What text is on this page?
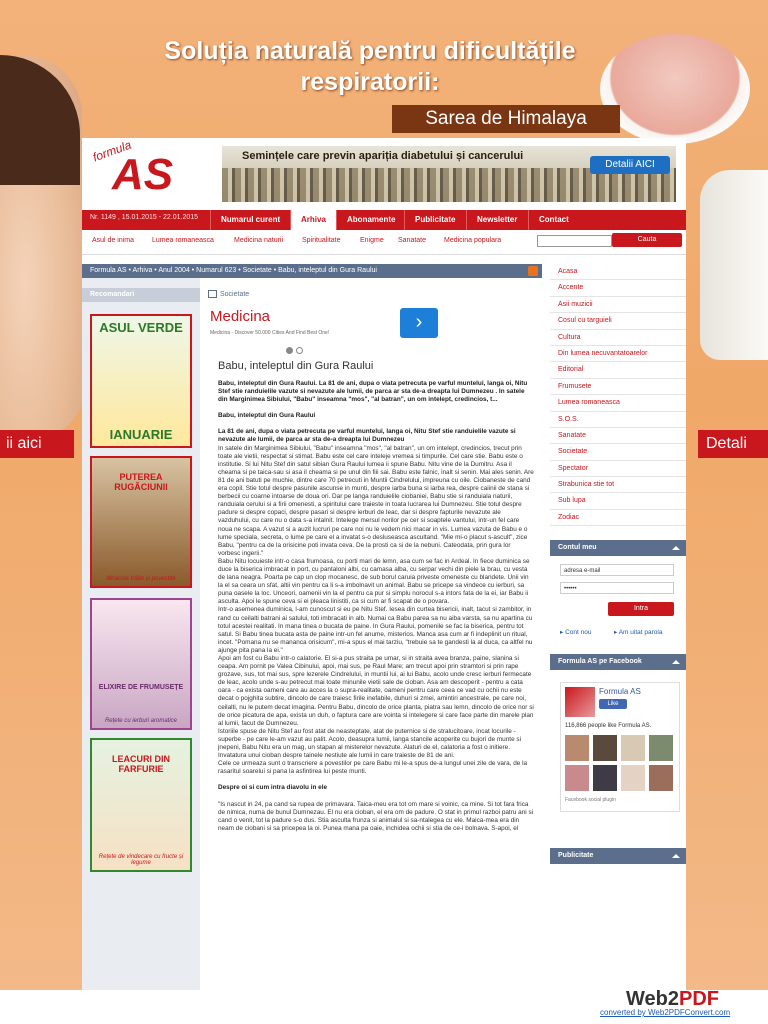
Soluția naturală pentru dificultățile respiratorii:
Sarea de Himalaya
ii aici	Detali
formula
AS	Semințele care previn apariția diabetului și cancerului
Detalii AICI
Nr. 1149 , 15.01.2015 - 22.01.2015	Numarul curent	Arhiva	Abonamente	Publicitate	Newsletter	Contact
Asul de inima	Lumea romaneasca	Medicina naturii	Spiritualitate	Enigme Sanatate	Medicina populara	Cauta
Formula AS • Arhiva • Anul 2004 • Numarul 623 • Societate • Babu, inteleptul din Gura Raului
Recomandari
ASUL VERDE
IANUARIE
PUTEREA RUGĂCIUNII
Miracole trăite și povestite
ELIXIRE DE FRUMUSEȚE
Rețete cu ierburi aromatice
LEACURI DIN FARFURIE
Rețete de vindecare cu fructe și legume
Societate
Medicina
Medicina - Discover 50.000 Cities And Find Best One!	›
Babu, inteleptul din Gura Raului

Babu, inteleptul din Gura Raului. La 81 de ani, dupa o viata petrecuta pe varful muntelui, langa oi, Nitu Stef stie randuielile vazute si nevazute ale lumii, de parca ar sta de-a dreapta lui Dumnezeu . In satele din Marginimea Sibiului, "Babu" inseamna "mos", "al batran", un om intelept, credincios, t...

Babu, inteleptul din Gura Raului

La 81 de ani, dupa o viata petrecuta pe varful muntelui, langa oi, Nitu Stef stie randuielile vazute si nevazute ale lumii, de parca ar sta de-a dreapta lui Dumnezeu

In satele din Marginimea Sibiului, "Babu" inseamna "mos", "al batran", un om intelept, credincios, trecut prin toate ale vietii, respectat si stimat. Babu este cel care inteleje vremea si timpurile. Cel care stie. Babu este o institutie. Si lui Nitu Stef din satul sibian Gura Raului lumea ii spune Babu. Nitu vine de la Dumitru. Asa il cheama si pe taica-sau si asa il cheama si pe unul din fiii sai. Babu este falnic, inalt si senin. Mai ales senin. Are 81 de ani batuti pe muchie, dintre care 70 petrecuti in Muntii Cindrelului, impreuna cu oile. Ciobaneste de cand era copil. Stie totul despre pasunile ascunse in munti, despre iarba buna si iarba rea, despre caiinii de stana si berbecii cu coarne intoarse de doua ori. Dar pe langa randuielile ciobaniei, Babu stie si randuiala naturii, randuiala cerului si a firii omenesti, a spiritului care traieste in toata lucrarea lui Dumnezeu. Stie totul despre padure si despre copaci, despre pasari si despre ierburi de leac, dar si despre fapturile nevazute ale vazduhului, cu care nu o data s-a intalnit. Intelege mersul norilor pe cer si soaptele vantului, intr-un fel care noua ne scapa. A vazut si a auzit lucruri pe care noi nu le vedem nici macar in vis. Lumea vazuta de Babu e o lume speciala, secreta, o lume pe care el a invatat s-o desluseasca ascultand. "Mie mi-o placut s-ascult", zice Babu, "pentru ca de la orisicine poti invata ceva. De la prosti ca si de la nebuni. Cateodata, prin gura lor vorbesc ingerii."

Babu Nitu locuieste intr-o casa frumoasa, cu porti mari de lemn, asa cum se fac in Ardeal. In fiece duminica se duce la biserica imbracat in port, cu pantaloni albi, cu camasa alba, cu serpar vechi din piele la brau, cu vesta de lana neagra. Poarta pe cap un clop mocanesc, de sub borul caruia priveste omeneste cu blandete. Unii vin la el sa ceara un sfat, altii vin pentru ca li s-a imbolnavit un animal. Babu se pricepe sa vindece cu ierburi, sa puna oasele la loc. Unceori, oamenii vin la el pentru ca pur si simplu norocul s-a intors fata de la ei, iar Babu ii asculta. Apoi le spune ceva si ei pleaca linistiti, ca si cum ar fi scapat de o povara.

Intr-o asemenea duminica, l-am cunoscut si eu pe Nitu Stef. Iesea din curtea bisericii, inalt, tacut si zambitor, in rand cu ceilalti batrani ai satului, toti imbracati in alb. Numai ca Babu parea sa nu aiba varsta, sa nu apartina cu totul acestei realitati. In mana tinea o bucata de paine. In Gura Raului, pomenile se fac la biserica, pentru tot satul. Si Babu tinea bucata asta de paine intr-un fel anume, misterios. Manca asa cum ar fi indeplinit un ritual, incet. "Pomana nu se mananca orisicum", mi-a spus el mai tarziu, "trebuie sa te gandesti la al duca, ca altfel nu ajunge pita pana la ei."

Apoi am fost cu Babu intr-o calatorie. El si-a pus straita pe umar, si in straita avea branza, paine, slanina si ceapa. Am pornit pe Valea Cibinului, apoi, mai sus, pe Raul Mare; am trecut apoi prin stramtori si prin rape grozave, sus, tot mai sus, spre lezerele Cindrelului, in muntii lui, ai lui Babu, acolo unde cresc ierburi fermecate de leac, acolo unde s-au petrecut mai toate minunile vietii sale de cioban. Asa am descoperit - pentru a cata oara - ca exista oameni care au acces la o supra-realitate, oameni pentru care ceea ce vad cu ochii nu este decat o pojghita subtire, dincolo de care traiesc firile inefabile, duhuri si zmei, amintiri ancestrale, pe care noi, ceilalti, nu le putem decat imagina. Pentru Babu, dincolo de orice planta, piatra sau lemn, dincolo de orice nor si de orice picatura de apa, exista un duh, o faptura care are vointa si intelegere si care face parte din marele plan al lumii, facut de Dumnezeu.

Istoriile spuse de Nitu Stef au fost atat de neasteptate, atat de puternice si de stralucitoare, incat locurile - superbe - pe care le-am vazut au palit. Acolo, deasupra lumii, langa stancile acoperite cu bujori de munte si jnepeni, Babu Nitu era un mag, un stapan al misterelor nevazute. Alaturi de el, calatoria a fost o initiere. Invatatura unui cioban despre tainele nestiute ale lumii in care traieste de 81 de ani.

Cele ce urmeaza sunt o transcriere a povestilor pe care Babu mi le-a spus de-a lungul unei zile de vara, de la rasaritul soarelui si pana la asfintirea lui peste munti.

Despre oi si cum intra diavolu in ele

"Is nascut in 24, pa cand sa rupea de primavara. Taica-meu era tot om mare si voinic, ca mine. Si tot fara frica de nimica, numa de bunul Dumnezau. El nu era cioban, el era om de padure. O stat in primul razboi patru ani si cand o venit, tot la padure s-o dus. Stia asculta frunza si animalul si sa-ntalegea cu ele. Maica-mea era din neam de ciobani si sa pricepea la oi. Punea mana pa oaie, inchidea ochii si stia de ce-i bolnava. S-apoi, el

Acasa
Accente
Asii muzicii
Cosul cu targuieli
Cultura
Din lumea necuvantatoarelor
Editorial
Frumusete
Lumea romaneasca
S.O.S.
Sanatate
Societate
Spectator
Strabunica stie tot
Sub lupa
Zodiac
Contul meu
adresa e-mail
••••••
Intra
▸ Cont nou	▸ Am uitat parola
Formula AS pe Facebook
Formula AS
Like
116,866 people like Formula AS.
Facebook social plugin
Publicitate
Web2PDF
converted by Web2PDFConvert.com
